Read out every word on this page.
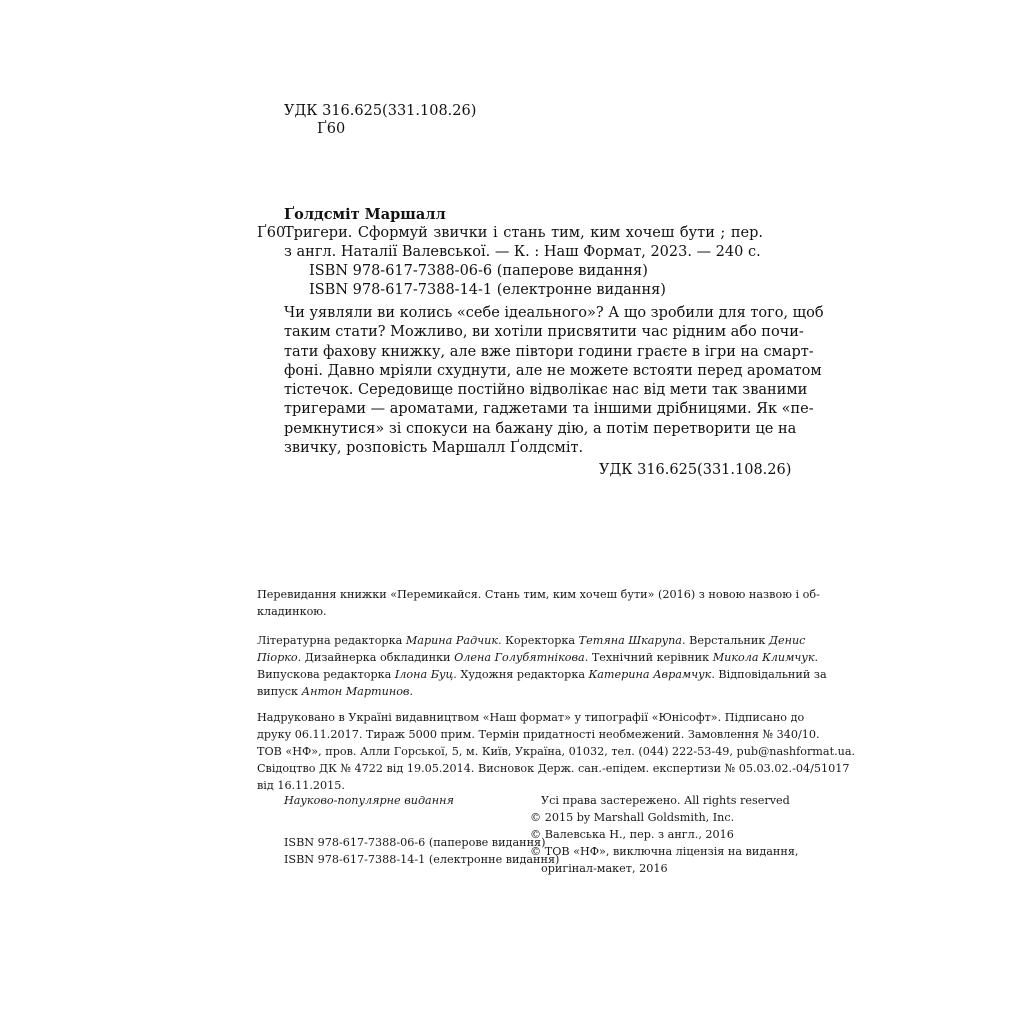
УДК 316.625(331.108.26)
Ґ60
Ґолдсміт Маршалл
Ґ60
Тригери. Сформуй звички і стань тим, ким хочеш бути ; пер.
з англ. Наталії Валевської. — К. : Наш Формат, 2023. — 240 с.
ISBN 978-617-7388-06-6 (паперове видання)
ISBN 978-617-7388-14-1 (електронне видання)
Чи уявляли ви колись «себе ідеального»? А що зробили для того, щоб
таким стати? Можливо, ви хотіли присвятити час рідним або почи-
тати фахову книжку, але вже півтори години граєте в ігри на смарт-
фоні. Давно мріяли схуднути, але не можете встояти перед ароматом
тістечок. Середовище постійно відволікає нас від мети так званими
тригерами — ароматами, гаджетами та іншими дрібницями. Як «пе-
ремкнутися» зі спокуси на бажану дію, а потім перетворити це на
звичку, розповість Маршалл Ґолдсміт.
УДК 316.625(331.108.26)
Перевидання книжки «Перемикайся. Стань тим, ким хочеш бути» (2016) з новою назвою і об-
кладинкою.
Літературна редакторка Марина Радчик. Коректорка Тетяна Шкарупа. Верстальник Денис
Піорко. Дизайнерка обкладинки Олена Голубятнікова. Технічний керівник Микола Климчук.
Випускова редакторка Ілона Буц. Художня редакторка Катерина Аврамчук. Відповідальний за
випуск Антон Мартинов.
Надруковано в Україні видавництвом «Наш формат» у типографії «Юнісофт». Підписано до
друку 06.11.2017. Тираж 5000 прим. Термін придатності необмежений. Замовлення № 340/10.
ТОВ «НФ», пров. Алли Горської, 5, м. Київ, Україна, 01032, тел. (044) 222-53-49, pub@nashformat.ua.
Свідоцтво ДК № 4722 від 19.05.2014. Висновок Держ. сан.-епідем. експертизи № 05.03.02.-04/51017
від 16.11.2015.
Науково-популярне видання
ISBN 978-617-7388-06-6 (паперове видання)
ISBN 978-617-7388-14-1 (електронне видання)
Усі права застережено. All rights reserved
© 2015 by Marshall Goldsmith, Inc.
© Валевська Н., пер. з англ., 2016
© ТОВ «НФ», виключна ліцензія на видання,
оригінал-макет, 2016
